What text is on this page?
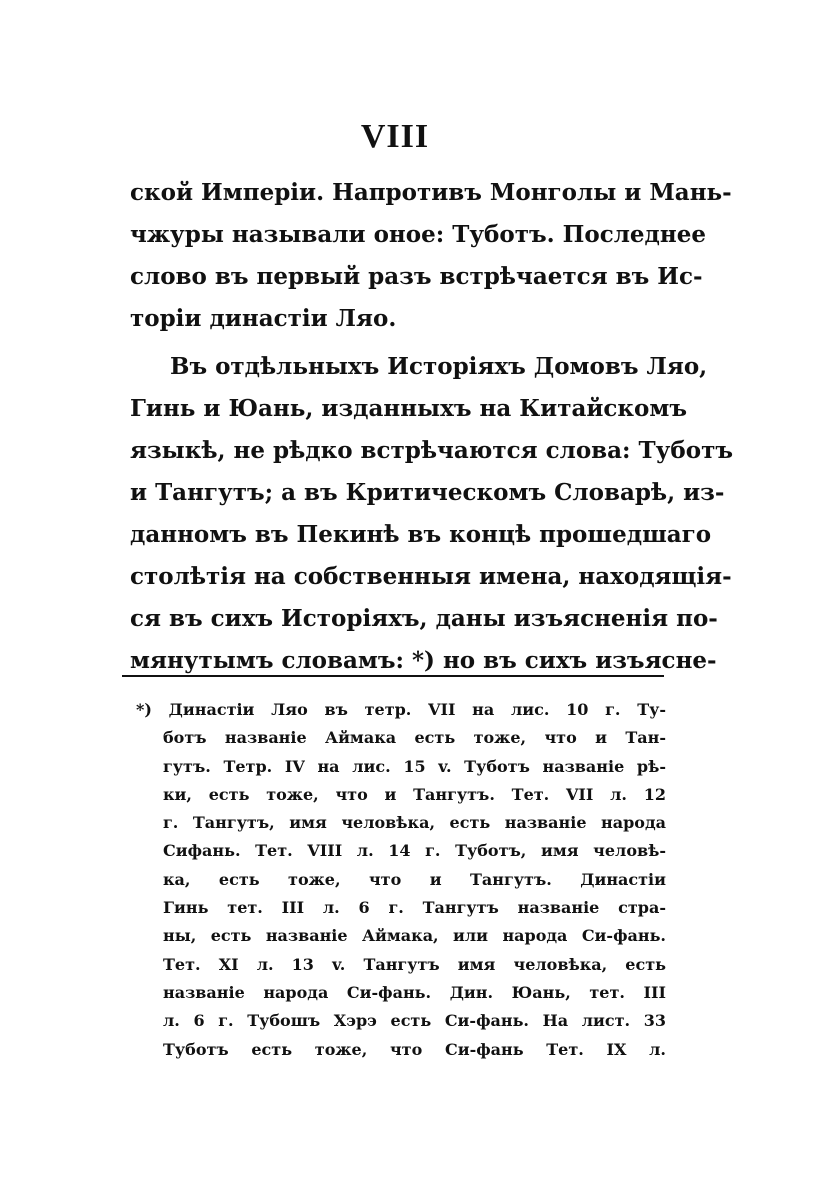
VIII
ской Имперіи. Напротивъ Монголы и Мань-
чжуры называли оное: Туботъ. Последнее
слово въ первый разъ встрѣчается въ Ис-
торіи династіи Ляо.
Въ отдѣльныхъ Исторіяхъ Домовъ Ляо,
Гинь и Юань, изданныхъ на Китайскомъ
языкѣ, не рѣдко встрѣчаются слова: Туботъ
и Тангутъ; а въ Критическомъ Словарѣ, из-
данномъ въ Пекинѣ въ концѣ прошедшаго
столѣтія на собственныя имена, находящія-
ся въ сихъ Исторіяхъ, даны изъясненія по-
мянутымъ словамъ: *) но въ сихъ изъясне-
*) Династіи Ляо въ тетр. VII на лис. 10 г. Ту-
ботъ названіе Аймака есть тоже, что и Тан-
гутъ. Тетр. IV на лис. 15 v. Туботъ названіе рѣ-
ки, есть тоже, что и Тангутъ. Тет. VII л. 12
г. Тангутъ, имя человѣка, есть названіе народа
Сифань. Тет. VIII л. 14 г. Туботъ, имя человѣ-
ка, есть тоже, что и Тангутъ. Династіи
Гинь тет. III л. 6 г. Тангутъ названіе стра-
ны, есть названіе Аймака, или народа Си-фань.
Тет. XI л. 13 v. Тангутъ имя человѣка, есть
названіе народа Си-фань. Дин. Юань, тет. III
л. 6 г. Тубошъ Хэрэ есть Си-фань. На лист. 33
Туботъ есть тоже, что Си-фань Тет. IX л.
